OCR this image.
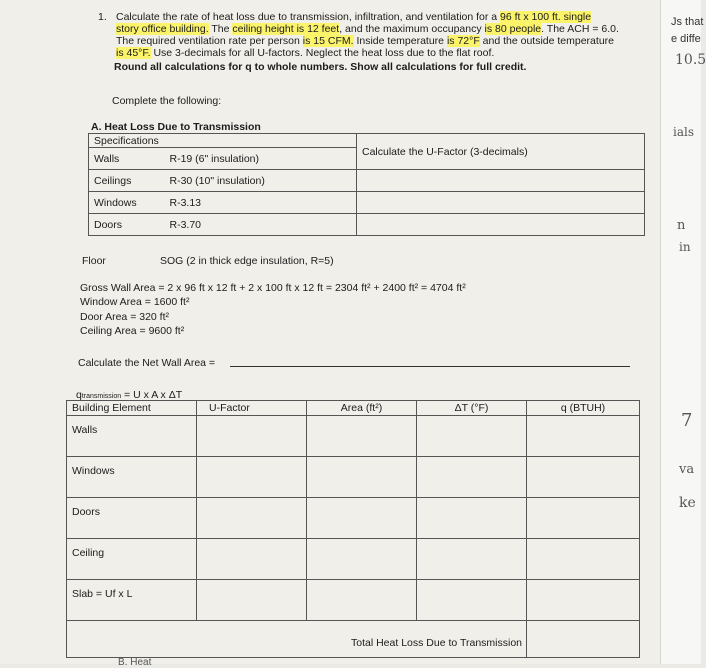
1. Calculate the rate of heat loss due to transmission, infiltration, and ventilation for a 96 ft x 100 ft. single
story office building. The ceiling height is 12 feet, and the maximum occupancy is 80 people. The ACH = 6.0.
The required ventilation rate per person is 15 CFM. Inside temperature is 72°F and the outside temperature
is 45°F. Use 3-decimals for all U-factors. Neglect the heat loss due to the flat roof.
Round all calculations for q to whole numbers. Show all calculations for full credit.
Complete the following:
A. Heat Loss Due to Transmission
Specifications		Calculate the U-Factor (3-decimals)
Walls	R-19 (6" insulation)	
Ceilings	R-30 (10" insulation)	
Windows	R-3.13	
Doors	R-3.70	
Floor	SOG (2 in thick edge insulation, R=5)
Gross Wall Area = 2 x 96 ft x 12 ft + 2 x 100 ft x 12 ft = 2304 ft² + 2400 ft² = 4704 ft²
Window Area = 1600 ft²
Door Area = 320 ft²
Ceiling Area = 9600 ft²
Calculate the Net Wall Area =
qtransmission = U x A x ΔT
Building Element	U-Factor	Area (ft²)	ΔT (°F)	q (BTUH)
Walls				
Windows				
Doors				
Ceiling				
Slab = Uf x L				
Total Heat Loss Due to Transmission				
B. Heat
Js that
e diffe
10.5
ials
n
in
7
va
ke
